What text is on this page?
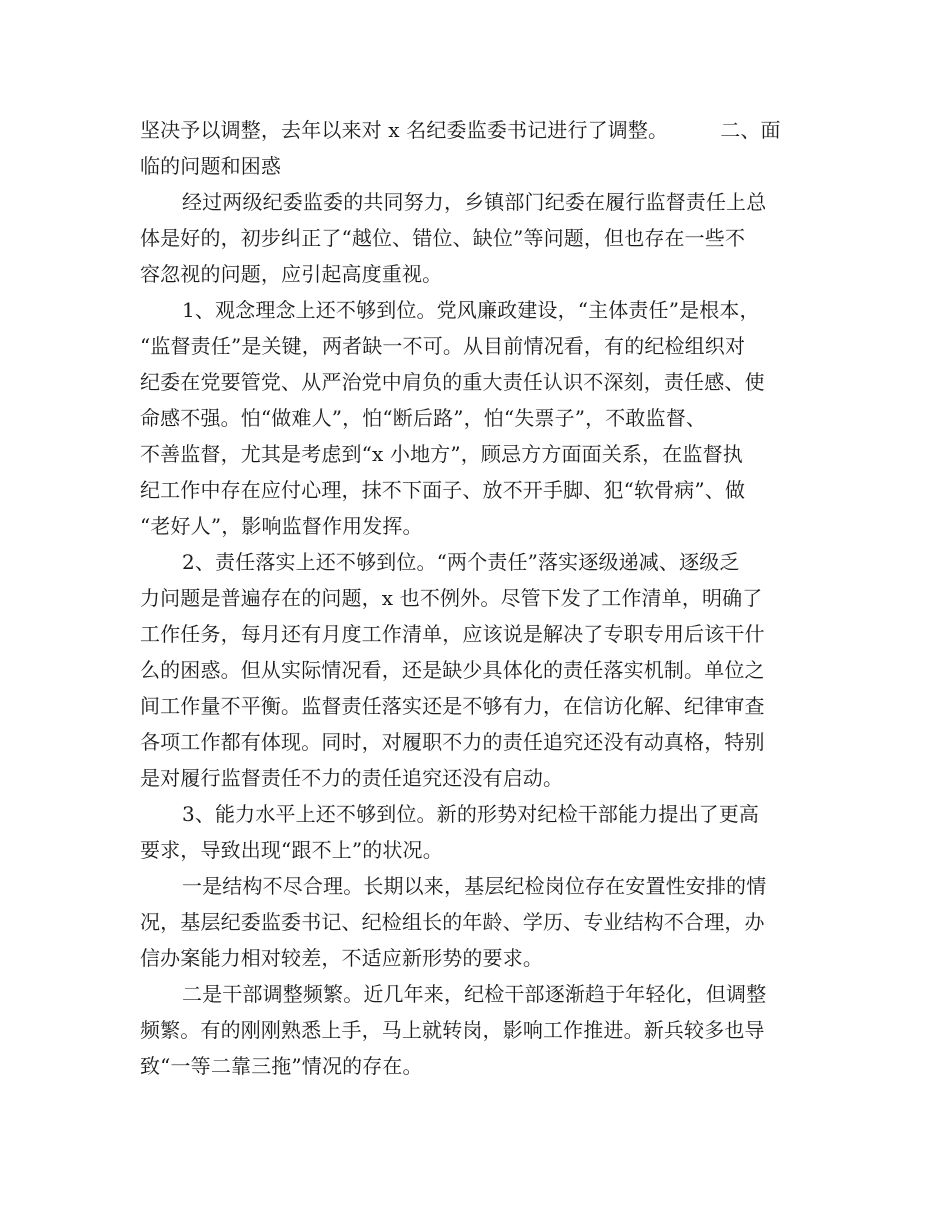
坚决予以调整，去年以来对 x 名纪委监委书记进行了调整。        二、面
临的问题和困惑
经过两级纪委监委的共同努力，乡镇部门纪委在履行监督责任上总
体是好的，初步纠正了“越位、错位、缺位”等问题，但也存在一些不
容忽视的问题，应引起高度重视。
1、观念理念上还不够到位。党风廉政建设，“主体责任”是根本，
“监督责任”是关键，两者缺一不可。从目前情况看，有的纪检组织对
纪委在党要管党、从严治党中肩负的重大责任认识不深刻，责任感、使
命感不强。怕“做难人”，怕“断后路”，怕“失票子”，不敢监督、
不善监督，尤其是考虑到“x 小地方”，顾忌方方面面关系，在监督执
纪工作中存在应付心理，抹不下面子、放不开手脚、犯“软骨病”、做
“老好人”，影响监督作用发挥。
2、责任落实上还不够到位。“两个责任”落实逐级递减、逐级乏
力问题是普遍存在的问题，x 也不例外。尽管下发了工作清单，明确了
工作任务，每月还有月度工作清单，应该说是解决了专职专用后该干什
么的困惑。但从实际情况看，还是缺少具体化的责任落实机制。单位之
间工作量不平衡。监督责任落实还是不够有力，在信访化解、纪律审查
各项工作都有体现。同时，对履职不力的责任追究还没有动真格，特别
是对履行监督责任不力的责任追究还没有启动。
3、能力水平上还不够到位。新的形势对纪检干部能力提出了更高
要求，导致出现“跟不上”的状况。
一是结构不尽合理。长期以来，基层纪检岗位存在安置性安排的情
况，基层纪委监委书记、纪检组长的年龄、学历、专业结构不合理，办
信办案能力相对较差，不适应新形势的要求。
二是干部调整频繁。近几年来，纪检干部逐渐趋于年轻化，但调整
频繁。有的刚刚熟悉上手，马上就转岗，影响工作推进。新兵较多也导
致“一等二靠三拖”情况的存在。
